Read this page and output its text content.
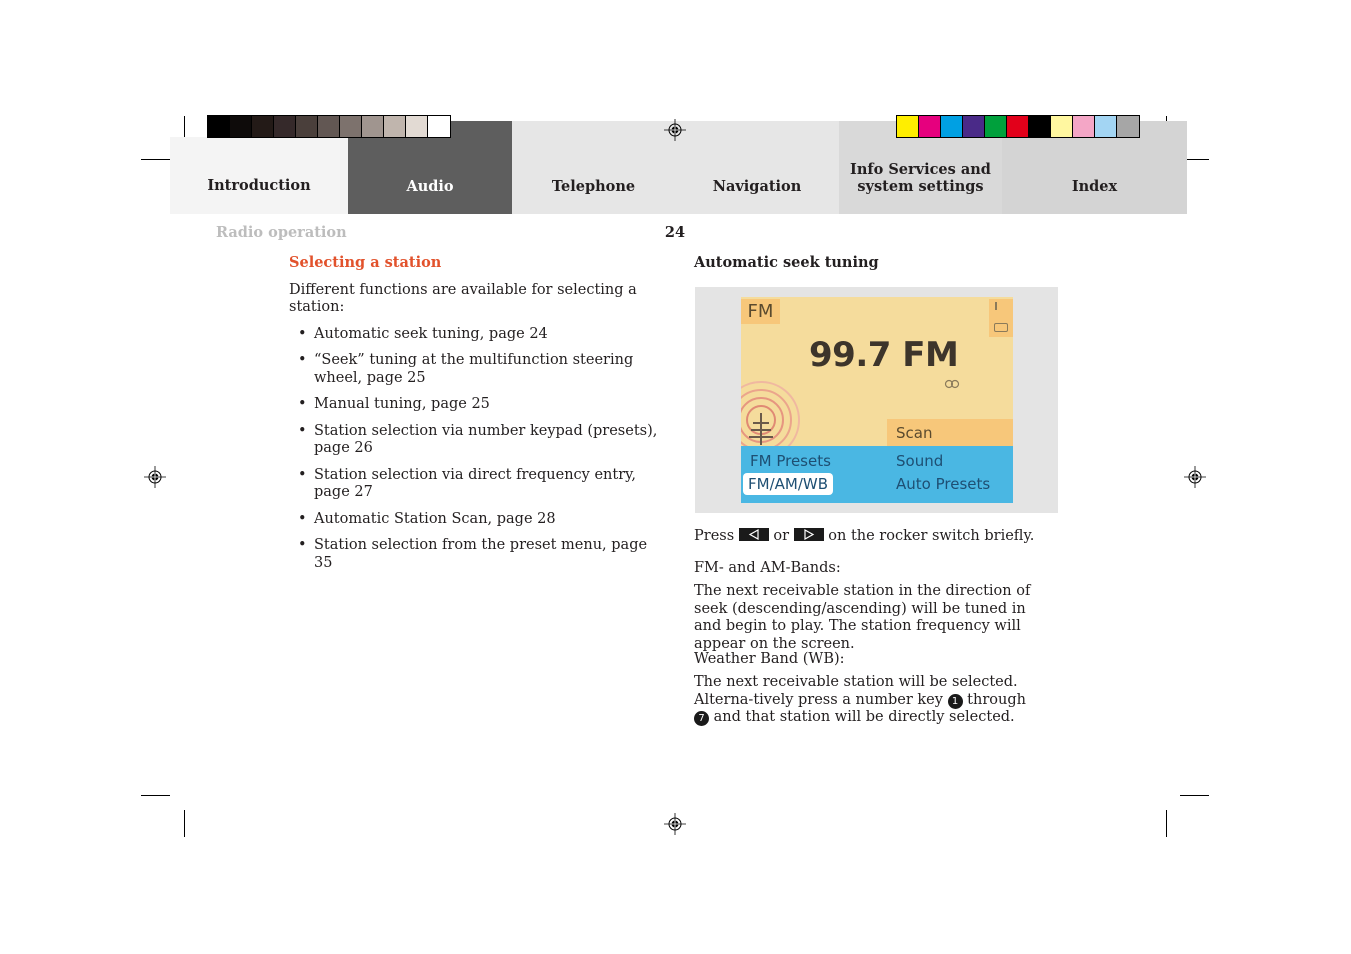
Introduction	Audio	Telephone	Navigation
Info Services and
system settings	Index
Radio operation	24
Selecting a station
Different functions are available for selecting a station:
• Automatic seek tuning, page 24
• “Seek” tuning at the multifunction steering wheel, page 25
• Manual tuning, page 25
• Station selection via number keypad (presets), page 26
• Station selection via direct frequency entry, page 27
• Automatic Station Scan, page 28
• Station selection from the preset menu, page 35
Automatic seek tuning
FM
99.7 FM
Scan
FM Presets	Sound
FM/AM/WB	Auto Presets
Press	or	on the rocker switch briefly.
FM- and AM-Bands:
The next receivable station in the direction of seek (descending/ascending) will be tuned in and begin to play. The station frequency will appear on the screen.
Weather Band (WB):
The next receivable station will be selected. Alterna-tively press a number key 1 through 7 and that station will be directly selected.
